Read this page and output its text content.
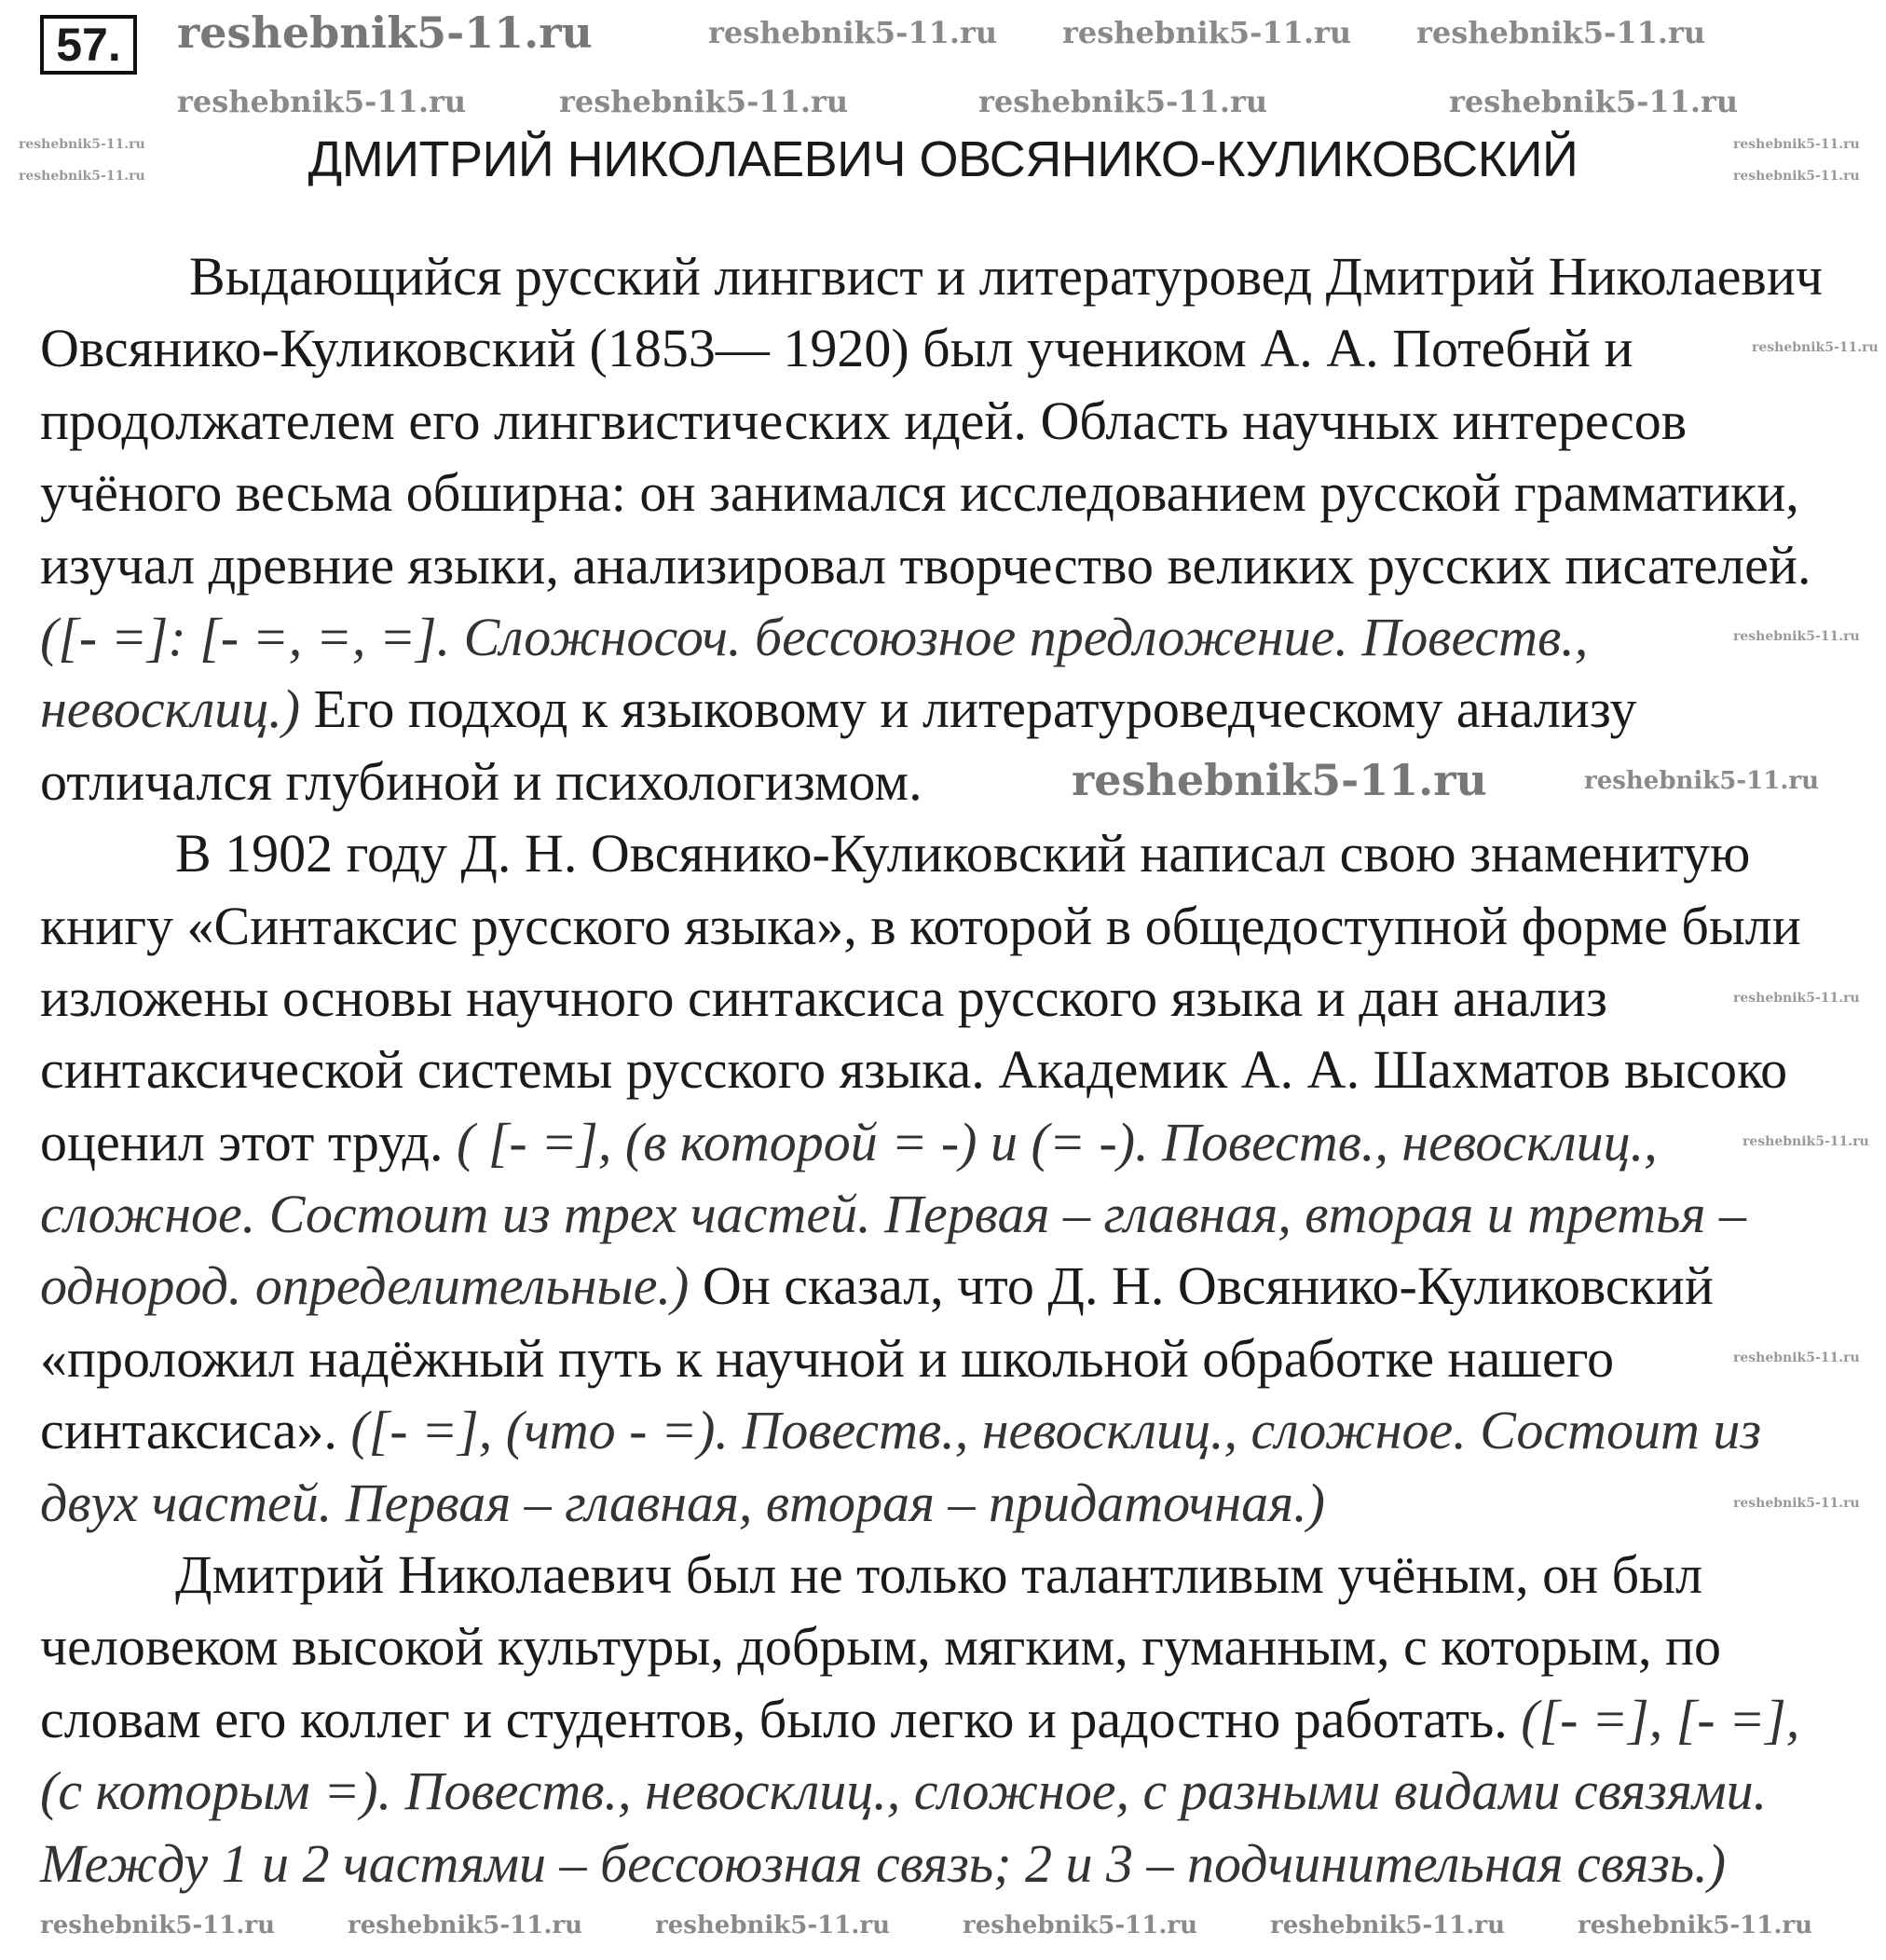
57.
ДМИТРИЙ НИКОЛАЕВИЧ ОВСЯНИКО-КУЛИКОВСКИЙ
Выдающийся русский лингвист и литературовед Дмитрий Николаевич
Овсянико-Куликовский (1853— 1920) был учеником А. А. Потебнй и
продолжателем его лингвистических идей. Область научных интересов
учёного весьма обширна: он занимался исследованием русской грамматики,
изучал древние языки, анализировал творчество великих русских писателей.
([- =]: [- =, =, =]. Сложносоч. бессоюзное предложение. Повеств.,
невосклиц.) Его подход к языковому и литературоведческому анализу
отличался глубиной и психологизмом.
В 1902 году Д. Н. Овсянико-Куликовский написал свою знаменитую
книгу «Синтаксис русского языка», в которой в общедоступной форме были
изложены основы научного синтаксиса русского языка и дан анализ
синтаксической системы русского языка. Академик А. А. Шахматов высоко
оценил этот труд. ( [- =], (в которой = -) и (= -). Повеств., невосклиц.,
сложное. Состоит из трех частей. Первая – главная, вторая и третья –
однород. определительные.) Он сказал, что Д. Н. Овсянико-Куликовский
«проложил надёжный путь к научной и школьной обработке нашего
синтаксиса». ([- =], (что - =). Повеств., невосклиц., сложное. Состоит из
двух частей. Первая – главная, вторая – придаточная.)
Дмитрий Николаевич был не только талантливым учёным, он был
человеком высокой культуры, добрым, мягким, гуманным, с которым, по
словам его коллег и студентов, было легко и радостно работать. ([- =], [- =],
(с которым =). Повеств., невосклиц., сложное, с разными видами связями.
Между 1 и 2 частями – бессоюзная связь; 2 и 3 – подчинительная связь.)
reshebnik5-11.ru	reshebnik5-11.ru reshebnik5-11.ru reshebnik5-11.ru
reshebnik5-11.ru	reshebnik5-11.ru	reshebnik5-11.ru	reshebnik5-11.ru
reshebnik5-11.ru
reshebnik5-11.ru
reshebnik5-11.ru
reshebnik5-11.ru
reshebnik5-11.ru
reshebnik5-11.ru
reshebnik5-11.ru	reshebnik5-11.ru
reshebnik5-11.ru
reshebnik5-11.ru
reshebnik5-11.ru
reshebnik5-11.ru
reshebnik5-11.ru	reshebnik5-11.ru	reshebnik5-11.ru	reshebnik5-11.ru	reshebnik5-11.ru	reshebnik5-11.ru
